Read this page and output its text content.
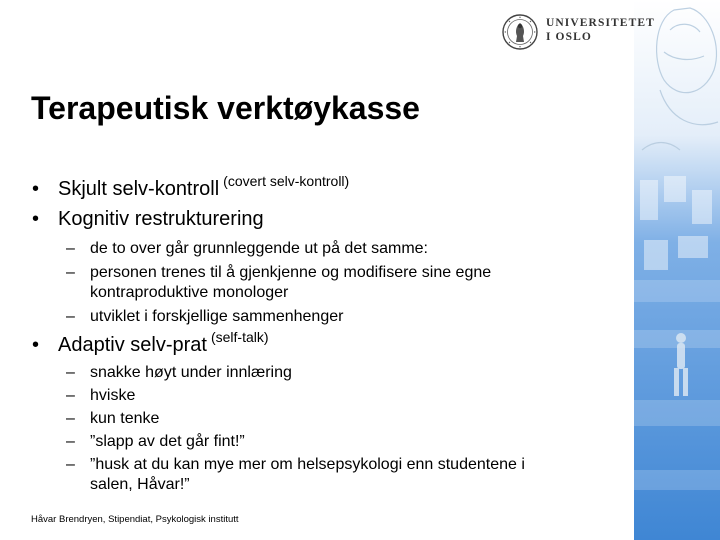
UNIVERSITETET
I OSLO
Terapeutisk verktøykasse
• Skjult selv-kontroll $^{(covert selv-kontroll)}$
• Kognitiv restrukturering
– de to over går grunnleggende ut på det samme:
– personen trenes til å gjenkjenne og modifisere sine egne
kontraproduktive monologer
– utviklet i forskjellige sammenhenger
• Adaptiv selv-prat $^{(self-talk)}$
– snakke høyt under innlæring
– hviske
– kun tenke
– ”slapp av det går fint!”
– ”husk at du kan mye mer om helsepsykologi enn studentene i
salen, Håvar!”
Håvar Brendryen, Stipendiat, Psykologisk institutt
